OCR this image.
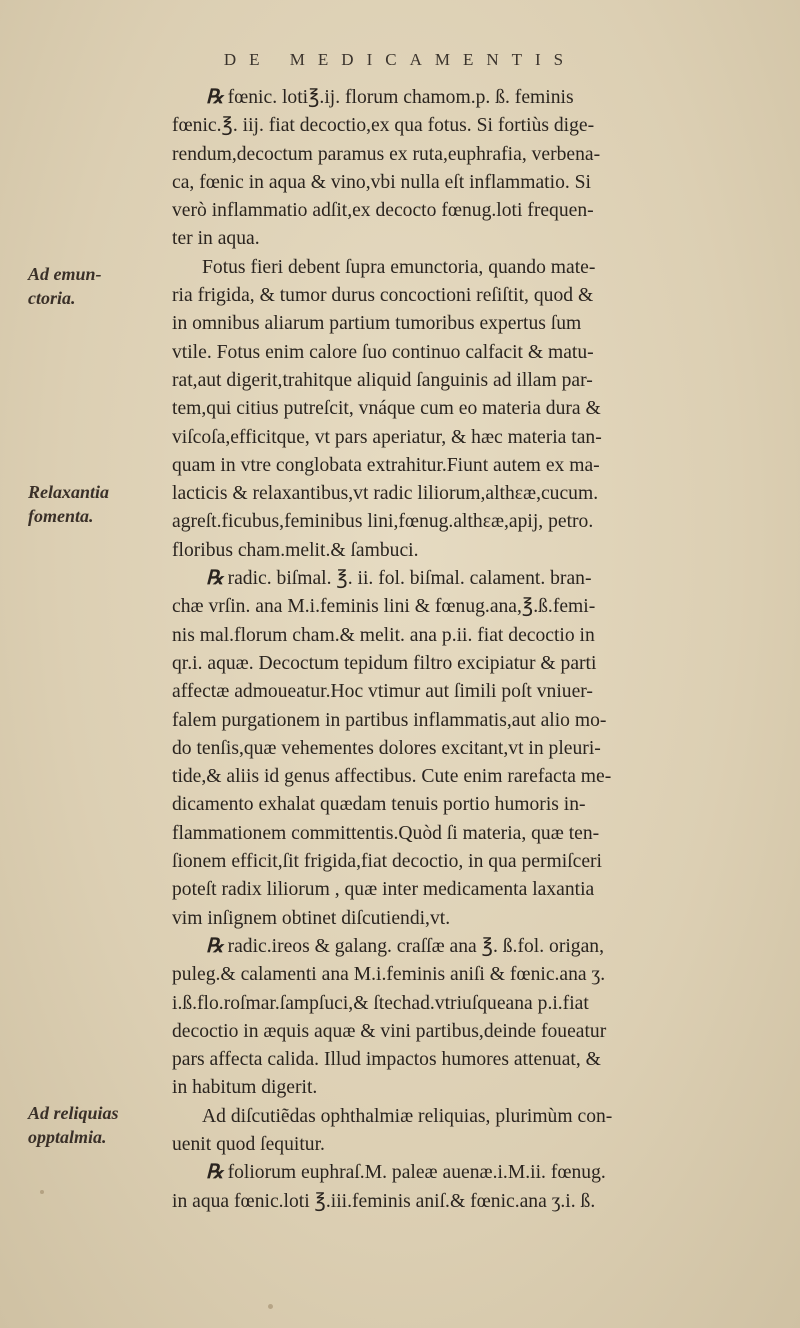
DE MEDICAMENTIS
Ad emun-
ctoria.
Relaxantia
fomenta.
Ad reliquias
opptalmia.
℞ fœnic. loti℥.ij. florum chamom.p. ß. feminis
fœnic.℥. iij. fiat decoctio,ex qua fotus. Si fortiùs dige-
rendum,decoctum paramus ex ruta,euphrafia, verbena-
ca, fœnic in aqua & vino,vbi nulla eſt inflammatio. Si
verò inflammatio adſit,ex decocto fœnug.loti frequen-
ter in aqua.
Fotus fieri debent ſupra emunctoria, quando mate-
ria frigida, & tumor durus concoctioni reſiſtit, quod &
in omnibus aliarum partium tumoribus expertus ſum
vtile. Fotus enim calore ſuo continuo calfacit & matu-
rat,aut digerit,trahitque aliquid ſanguinis ad illam par-
tem,qui citius putreſcit, vnáque cum eo materia dura &
viſcoſa,efficitque, vt pars aperiatur, & hæc materia tan-
quam in vtre conglobata extrahitur.Fiunt autem ex ma-
lacticis & relaxantibus,vt radic liliorum,althεæ,cucum.
agreſt.ficubus,feminibus lini,fœnug.althεæ,apij, petro.
floribus cham.melit.& ſambuci.
℞ radic. biſmal. ℥. ii. fol. biſmal. calament. bran-
chæ vrſin. ana M.i.feminis lini & fœnug.ana,℥.ß.femi-
nis mal.florum cham.& melit. ana p.ii. fiat decoctio in
qr.i. aquæ. Decoctum tepidum filtro excipiatur & parti
affectæ admoueatur.Hoc vtimur aut ſimili poſt vniuer-
falem purgationem in partibus inflammatis,aut alio mo-
do tenſis,quæ vehementes dolores excitant,vt in pleuri-
tide,& aliis id genus affectibus. Cute enim rarefacta me-
dicamento exhalat quædam tenuis portio humoris in-
flammationem committentis.Quòd ſi materia, quæ ten-
ſionem efficit,ſit frigida,fiat decoctio, in qua permiſceri
poteſt radix liliorum , quæ inter medicamenta laxantia
vim inſignem obtinet diſcutiendi,vt.
℞ radic.ireos & galang. craſſæ ana ℥. ß.fol. origan,
puleg.& calamenti ana M.i.feminis aniſi & fœnic.ana ʒ.
i.ß.flo.roſmar.ſampſuci,& ſtechad.vtriuſqueana p.i.fiat
decoctio in æquis aquæ & vini partibus,deinde foueatur
pars affecta calida. Illud impactos humores attenuat, &
in habitum digerit.
Ad diſcutiẽdas ophthalmiæ reliquias, plurimùm con-
uenit quod ſequitur.
℞ foliorum euphraſ.M. paleæ auenæ.i.M.ii. fœnug.
in aqua fœnic.loti ℥.iii.feminis aniſ.& fœnic.ana ʒ.i. ß.
